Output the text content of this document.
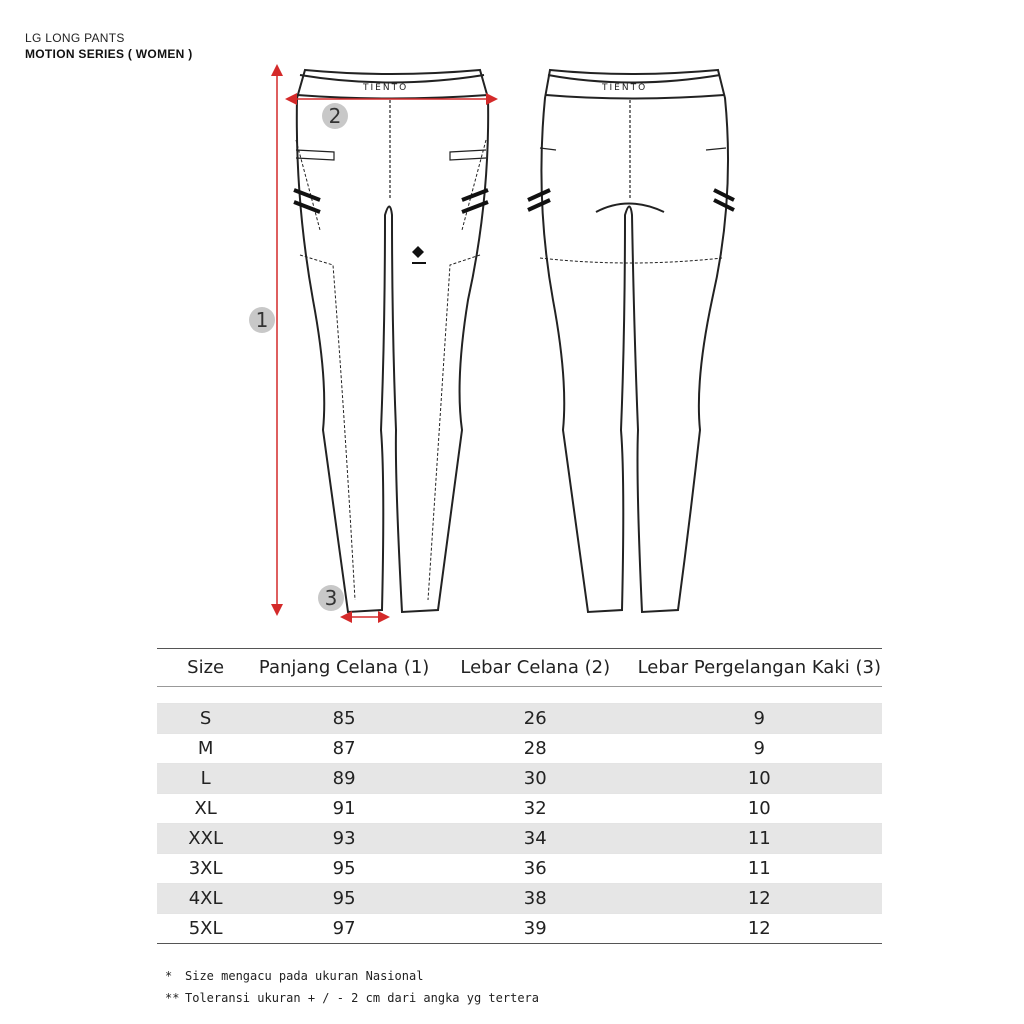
LG LONG PANTS
MOTION SERIES ( WOMEN )
TIENTO	TIENTO
1
2
3
Size	Panjang Celana (1)	Lebar Celana (2)	Lebar Pergelangan Kaki (3)

S	85	26	9
M	87	28	9
L	89	30	10
XL	91	32	10
XXL	93	34	11
3XL	95	36	11
4XL	95	38	12
5XL	97	39	12
* Size mengacu pada ukuran Nasional
** Toleransi ukuran + / - 2 cm dari angka yg tertera
